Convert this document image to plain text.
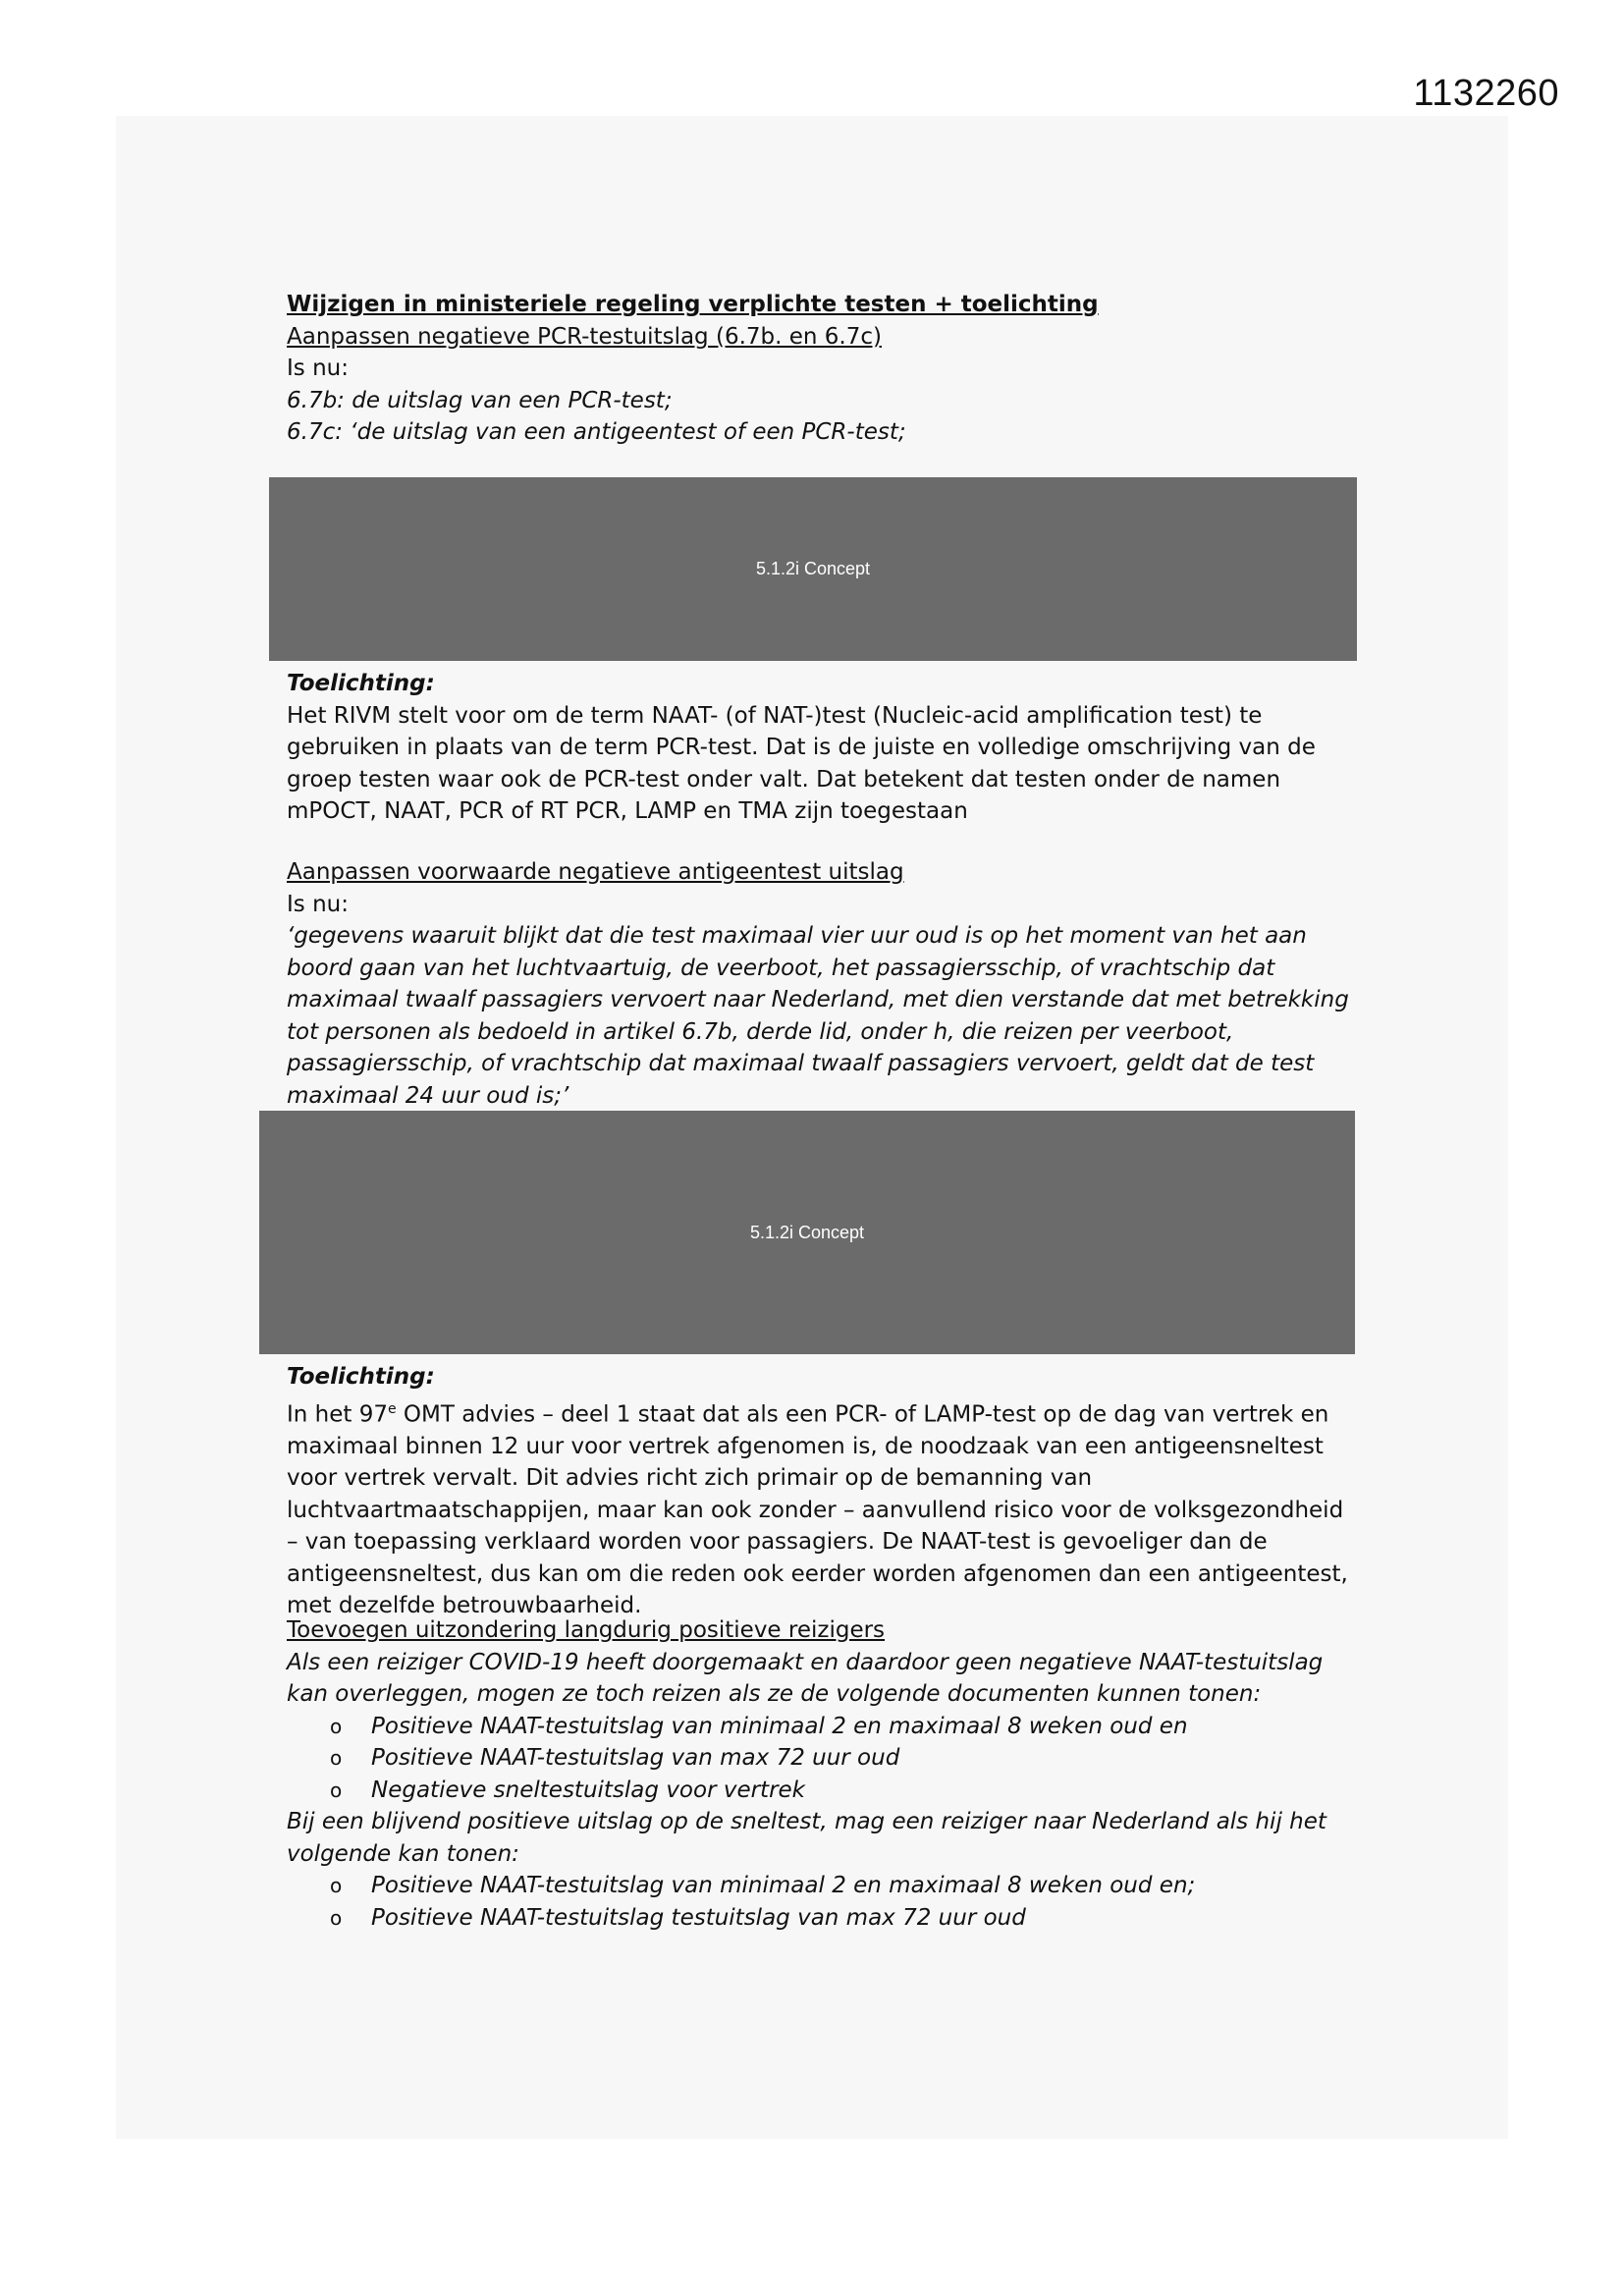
1132260

Wijzigen in ministeriele regeling verplichte testen + toelichting

Aanpassen negatieve PCR-testuitslag (6.7b. en 6.7c)

Is nu:

6.7b: de uitslag van een PCR-test;

6.7c: ‘de uitslag van een antigeentest of een PCR-test;

5.1.2i Concept

Toelichting:

Het RIVM stelt voor om de term NAAT- (of NAT-)test (Nucleic-acid amplification test) te gebruiken in plaats van de term PCR-test. Dat is de juiste en volledige omschrijving van de groep testen waar ook de PCR-test onder valt. Dat betekent dat testen onder de namen mPOCT, NAAT, PCR of RT PCR, LAMP en TMA zijn toegestaan

Aanpassen voorwaarde negatieve antigeentest uitslag

Is nu:

‘gegevens waaruit blijkt dat die test maximaal vier uur oud is op het moment van het aan boord gaan van het luchtvaartuig, de veerboot, het passagiersschip, of vrachtschip dat maximaal twaalf passagiers vervoert naar Nederland, met dien verstande dat met betrekking tot personen als bedoeld in artikel 6.7b, derde lid, onder h, die reizen per veerboot, passagiersschip, of vrachtschip dat maximaal twaalf passagiers vervoert, geldt dat de test maximaal 24 uur oud is;’

5.1.2i Concept

Toelichting:

In het 97e OMT advies – deel 1 staat dat als een PCR- of LAMP-test op de dag van vertrek en maximaal binnen 12 uur voor vertrek afgenomen is, de noodzaak van een antigeensneltest voor vertrek vervalt. Dit advies richt zich primair op de bemanning van luchtvaartmaatschappijen, maar kan ook zonder – aanvullend risico voor de volksgezondheid – van toepassing verklaard worden voor passagiers. De NAAT-test is gevoeliger dan de antigeensneltest, dus kan om die reden ook eerder worden afgenomen dan een antigeentest, met dezelfde betrouwbaarheid.

Toevoegen uitzondering langdurig positieve reizigers

Als een reiziger COVID-19 heeft doorgemaakt en daardoor geen negatieve NAAT-testuitslag kan overleggen, mogen ze toch reizen als ze de volgende documenten kunnen tonen:

o Positieve NAAT-testuitslag van minimaal 2 en maximaal 8 weken oud en
o Positieve NAAT-testuitslag van max 72 uur oud
o Negatieve sneltestuitslag voor vertrek

Bij een blijvend positieve uitslag op de sneltest, mag een reiziger naar Nederland als hij het volgende kan tonen:

o Positieve NAAT-testuitslag van minimaal 2 en maximaal 8 weken oud en;
o Positieve NAAT-testuitslag testuitslag van max 72 uur oud
